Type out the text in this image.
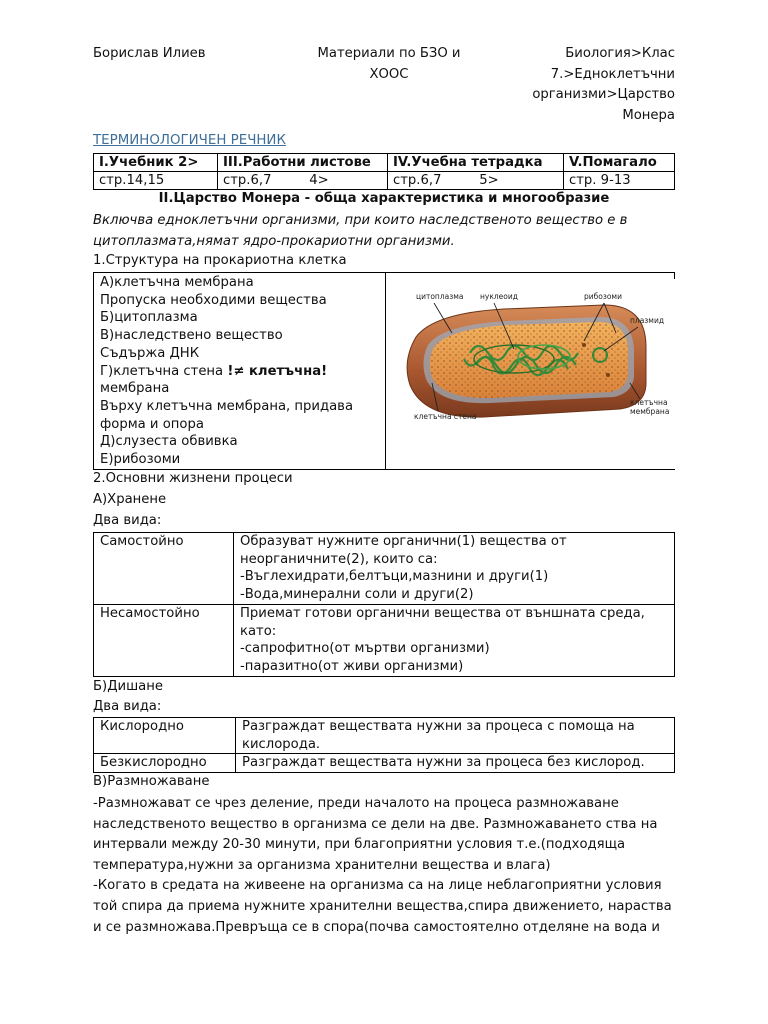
Борислав Илиев	Материали по БЗО и
ХООС
Биология>Клас
7.>Едноклетъчни
организми>Царство
Монера
ТЕРМИНОЛОГИЧЕН РЕЧНИК
I.Учебник 2>	III.Работни листове	IV.Учебна тетрадка	V.Помагало
стр.14,15	стр.6,7         4>	стр.6,7         5>	стр. 9-13
II.Царство Монера - обща характеристика и многообразие
Включва едноклетъчни организми, при които наследственото вещество е в
цитоплазмата,нямат ядро-прокариотни организми.
1.Структура на прокариотна клетка
А)клетъчна мембрана
Пропуска необходими вещества
Б)цитоплазма
В)наследствено вещество
Съдържа ДНК
Г)клетъчна стена !≠ клетъчна!
мембрана
Върху клетъчна мембрана, придава
форма и опора
Д)слузеста обвивка
Е)рибозоми
цитоплазма нуклеоид	рибозоми
плазмид
клетъчна стена
клетъчна
мембрана
2.Основни жизнени процеси
А)Хранене
Два вида:
Самостойно	Образуват нужните органични(1) вещества от
неорганичните(2), които са:
-Въглехидрати,белтъци,мазнини и други(1)
-Вода,минерални соли и други(2)

Несамостойно	Приемат готови органични вещества от външната среда,
като:
-сапрофитно(от мъртви организми)
-паразитно(от живи организми)
Б)Дишане
Два вида:
Кислородно	Разграждат веществата нужни за процеса с помоща на
кислорода.

Безкислородно	Разграждат веществата нужни за процеса без кислород.
В)Размножаване
-Размножават се чрез деление, преди началото на процеса размножаване
наследственото вещество в организма се дели на две. Размножаването ства на
интервали между 20-30 минути, при благоприятни условия т.е.(подходяща
температура,нужни за организма хранителни вещества и влага)
-Когато в средата на живеене на организма са на лице неблагоприятни условия
той спира да приема нужните хранителни вещества,спира движението, нараства
и се размножава.Превръща се в спора(почва самостоятелно отделяне на вода и
